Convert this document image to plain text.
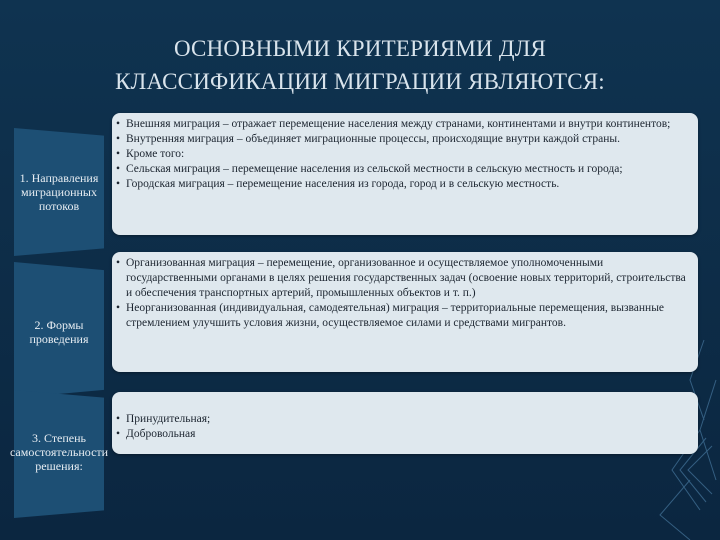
ОСНОВНЫМИ КРИТЕРИЯМИ ДЛЯ
КЛАССИФИКАЦИИ МИГРАЦИИ ЯВЛЯЮТСЯ:
1. Направления миграционных потоков
• Внешняя миграция – отражает перемещение населения между странами, континентами и внутри континентов;
• Внутренняя миграция – объединяет миграционные процессы, происходящие внутри каждой страны.
• Кроме того:
• Сельская миграция – перемещение населения из сельской местности в сельскую местность и города;
• Городская миграция – перемещение населения из города, город и в сельскую местность.
2. Формы проведения
• Организованная миграция – перемещение, организованное и осуществляемое уполномоченными государственными органами в целях решения государственных задач (освоение новых территорий, строительства и обеспечения транспортных артерий, промышленных объектов и т. п.)
• Неорганизованная (индивидуальная, самодеятельная) миграция – территориальные перемещения, вызванные стремлением улучшить условия жизни, осуществляемое силами и средствами мигрантов.
3. Степень самостоятельности решения:
• Принудительная;
• Добровольная
